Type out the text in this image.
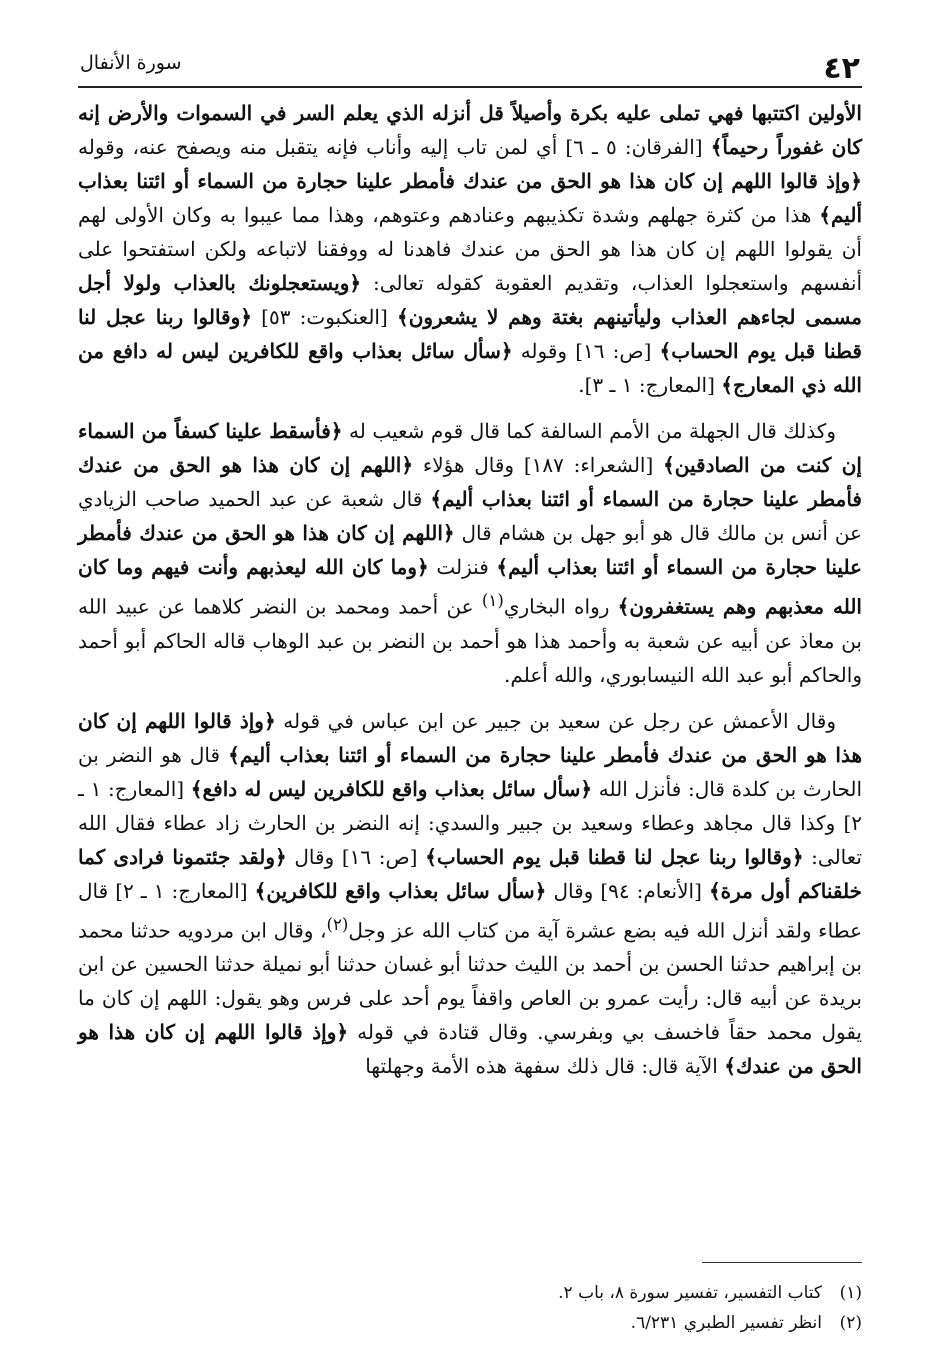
٤٢
سورة الأنفال

الأولين اكتتبها فهي تملى عليه بكرة وأصيلاً قل أنزله الذي يعلم السر في السموات والأرض إنه كان غفوراً رحيماً﴾ [الفرقان: ٥ ـ ٦] أي لمن تاب إليه وأناب فإنه يتقبل منه ويصفح عنه، وقوله ﴿وإذ قالوا اللهم إن كان هذا هو الحق من عندك فأمطر علينا حجارة من السماء أو ائتنا بعذاب أليم﴾ هذا من كثرة جهلهم وشدة تكذيبهم وعنادهم وعتوهم، وهذا مما عيبوا به وكان الأولى لهم أن يقولوا اللهم إن كان هذا هو الحق من عندك فاهدنا له ووفقنا لاتباعه ولكن استفتحوا على أنفسهم واستعجلوا العذاب، وتقديم العقوبة كقوله تعالى: ﴿ويستعجلونك بالعذاب ولولا أجل مسمى لجاءهم العذاب وليأتينهم بغتة وهم لا يشعرون﴾ [العنكبوت: ٥٣] ﴿وقالوا ربنا عجل لنا قطنا قبل يوم الحساب﴾ [ص: ١٦] وقوله ﴿سأل سائل بعذاب واقع للكافرين ليس له دافع من الله ذي المعارج﴾ [المعارج: ١ ـ ٣].

وكذلك قال الجهلة من الأمم السالفة كما قال قوم شعيب له ﴿فأسقط علينا كسفاً من السماء إن كنت من الصادقين﴾ [الشعراء: ١٨٧] وقال هؤلاء ﴿اللهم إن كان هذا هو الحق من عندك فأمطر علينا حجارة من السماء أو ائتنا بعذاب أليم﴾ قال شعبة عن عبد الحميد صاحب الزيادي عن أنس بن مالك قال هو أبو جهل بن هشام قال ﴿اللهم إن كان هذا هو الحق من عندك فأمطر علينا حجارة من السماء أو ائتنا بعذاب أليم﴾ فنزلت ﴿وما كان الله ليعذبهم وأنت فيهم وما كان الله معذبهم وهم يستغفرون﴾ رواه البخاري$^{(١)}$ عن أحمد ومحمد بن النضر كلاهما عن عبيد الله بن معاذ عن أبيه عن شعبة به وأحمد هذا هو أحمد بن النضر بن عبد الوهاب قاله الحاكم أبو أحمد والحاكم أبو عبد الله النيسابوري، والله أعلم.

وقال الأعمش عن رجل عن سعيد بن جبير عن ابن عباس في قوله ﴿وإذ قالوا اللهم إن كان هذا هو الحق من عندك فأمطر علينا حجارة من السماء أو ائتنا بعذاب أليم﴾ قال هو النضر بن الحارث بن كلدة قال: فأنزل الله ﴿سأل سائل بعذاب واقع للكافرين ليس له دافع﴾ [المعارج: ١ ـ ٢] وكذا قال مجاهد وعطاء وسعيد بن جبير والسدي: إنه النضر بن الحارث زاد عطاء فقال الله تعالى: ﴿وقالوا ربنا عجل لنا قطنا قبل يوم الحساب﴾ [ص: ١٦] وقال ﴿ولقد جئتمونا فرادى كما خلقناكم أول مرة﴾ [الأنعام: ٩٤] وقال ﴿سأل سائل بعذاب واقع للكافرين﴾ [المعارج: ١ ـ ٢] قال عطاء ولقد أنزل الله فيه بضع عشرة آية من كتاب الله عز وجل$^{(٢)}$، وقال ابن مردويه حدثنا محمد بن إبراهيم حدثنا الحسن بن أحمد بن الليث حدثنا أبو غسان حدثنا أبو نميلة حدثنا الحسين عن ابن بريدة عن أبيه قال: رأيت عمرو بن العاص واقفاً يوم أحد على فرس وهو يقول: اللهم إن كان ما يقول محمد حقاً فاخسف بي وبفرسي. وقال قتادة في قوله ﴿وإذ قالوا اللهم إن كان هذا هو الحق من عندك﴾ الآية قال: قال ذلك سفهة هذه الأمة وجهلتها

(١)كتاب التفسير، تفسير سورة ٨، باب ٢.
(٢)انظر تفسير الطبري ٦/٢٣١.
